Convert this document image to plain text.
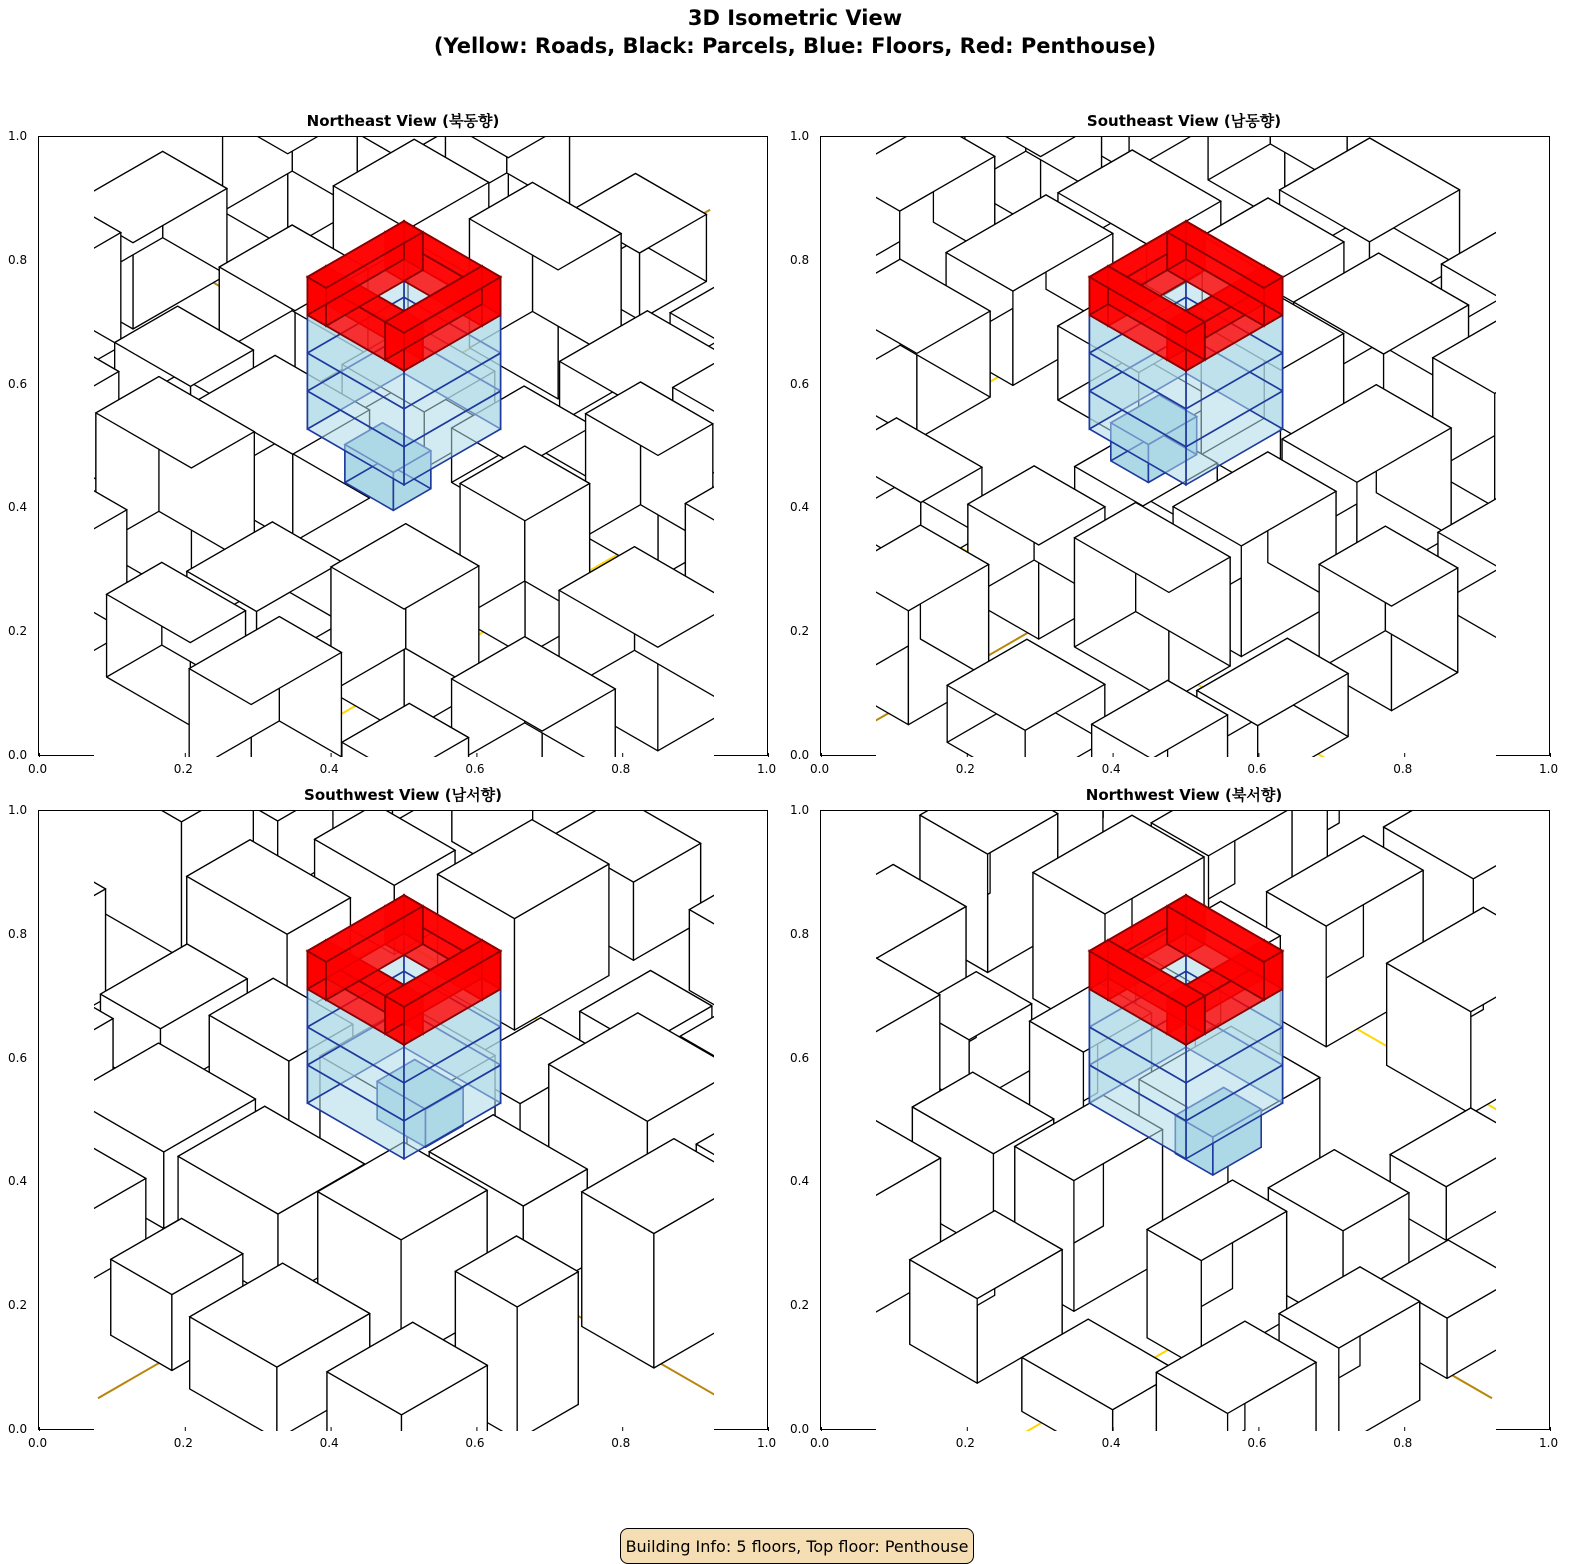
3D Isometric View
(Yellow: Roads, Black: Parcels, Blue: Floors, Red: Penthouse)
Northeast View (북동향)	Southeast View (남동향)
Southwest View (남서향)	Northwest View (북서향)
Building Info: 5 floors, Top floor: Penthouse
0.0	0.2	0.4	0.6	0.8	1.0
0.0
0.2
0.4
0.6
0.8
1.0
0.0	0.2	0.4	0.6	0.8	1.0
0.0
0.2
0.4
0.6
0.8
1.0
0.0	0.2	0.4	0.6	0.8	1.0
0.0
0.2
0.4
0.6
0.8
1.0
0.0	0.2	0.4	0.6	0.8	1.0
0.0
0.2
0.4
0.6
0.8
1.0
